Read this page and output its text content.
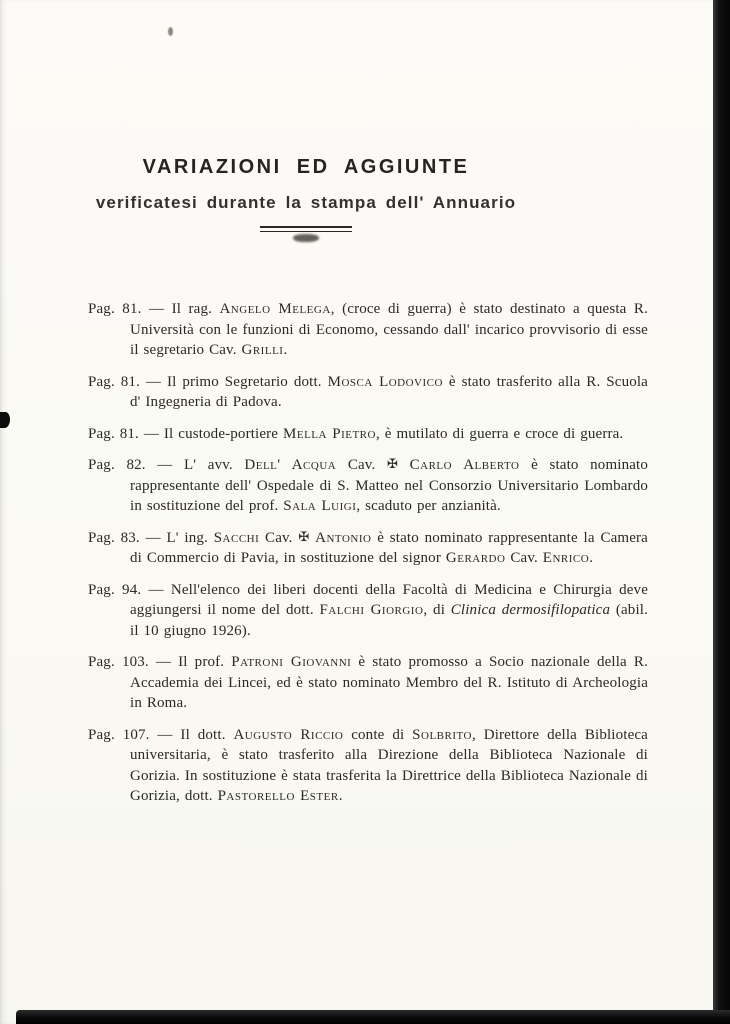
VARIAZIONI ED AGGIUNTE

verificatesi durante la stampa dell' Annuario

Pag. 81. — Il rag. Angelo Melega, (croce di guerra) è stato destinato a questa R. Università con le funzioni di Economo, cessando dall' incarico provvisorio di esse il segretario Cav. Grilli.

Pag. 81. — Il primo Segretario dott. Mosca Lodovico è stato trasferito alla R. Scuola d' Ingegneria di Padova.

Pag. 81. — Il custode-portiere Mella Pietro, è mutilato di guerra e croce di guerra.

Pag. 82. — L' avv. Dell' Acqua Cav. ✠ Carlo Alberto è stato nominato rappresentante dell' Ospedale di S. Matteo nel Consorzio Universitario Lombardo in sostituzione del prof. Sala Luigi, scaduto per anzianità.

Pag. 83. — L' ing. Sacchi Cav. ✠ Antonio è stato nominato rappresentante la Camera di Commercio di Pavia, in sostituzione del signor Gerardo Cav. Enrico.

Pag. 94. — Nell'elenco dei liberi docenti della Facoltà di Medicina e Chirurgia deve aggiungersi il nome del dott. Falchi Giorgio, di Clinica dermosifilopatica (abil. il 10 giugno 1926).

Pag. 103. — Il prof. Patroni Giovanni è stato promosso a Socio nazionale della R. Accademia dei Lincei, ed è stato nominato Membro del R. Istituto di Archeologia in Roma.

Pag. 107. — Il dott. Augusto Riccio conte di Solbrito, Direttore della Biblioteca universitaria, è stato trasferito alla Direzione della Biblioteca Nazionale di Gorizia. In sostituzione è stata trasferita la Direttrice della Biblioteca Nazionale di Gorizia, dott. Pastorello Ester.
